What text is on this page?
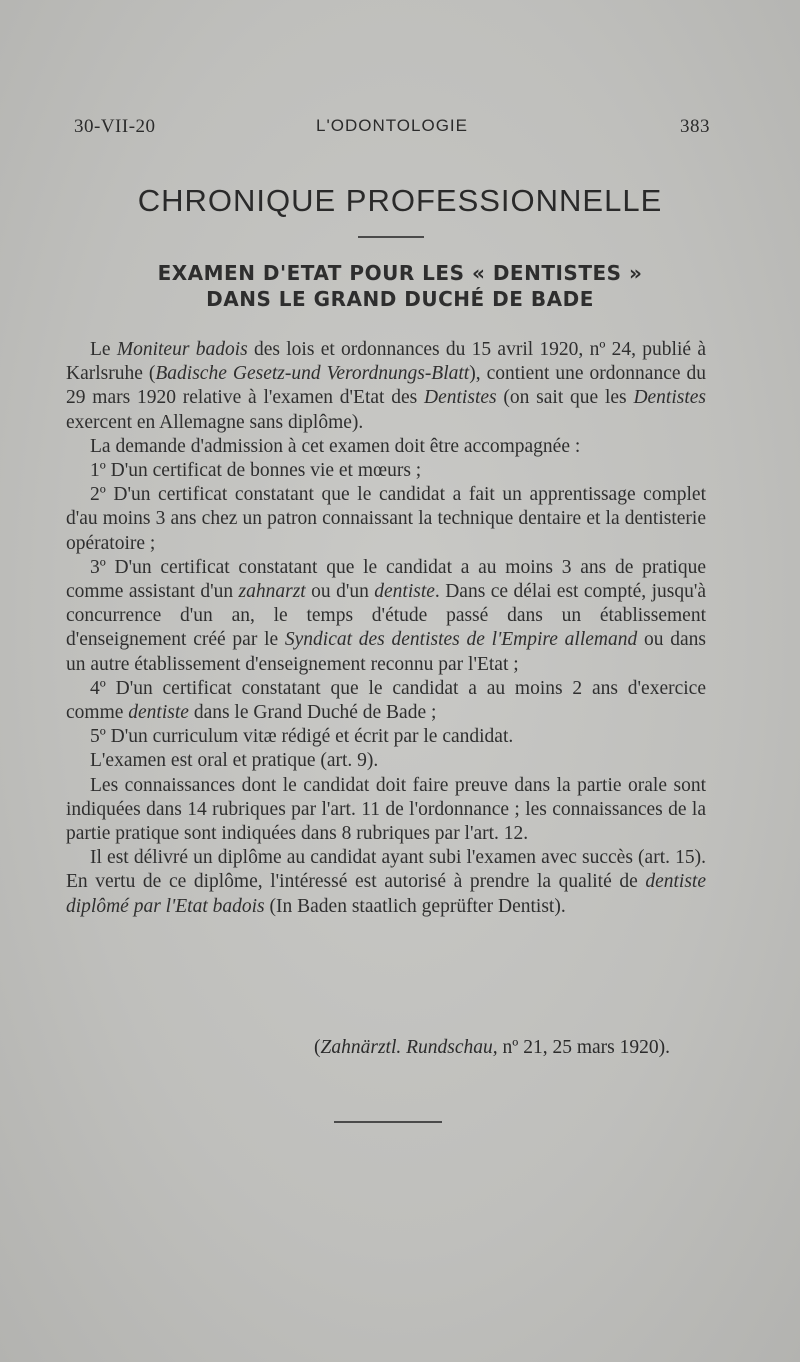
30-VII-20	L'ODONTOLOGIE	383
CHRONIQUE PROFESSIONNELLE
EXAMEN D'ETAT POUR LES « DENTISTES »
DANS LE GRAND DUCHÉ DE BADE

Le Moniteur badois des lois et ordonnances du 15 avril 1920, nº 24, publié à Karlsruhe (Badische Gesetz-und Verordnungs-Blatt), contient une ordonnance du 29 mars 1920 relative à l'examen d'Etat des Dentistes (on sait que les Dentistes exercent en Allemagne sans diplôme).

La demande d'admission à cet examen doit être accompagnée :

1º D'un certificat de bonnes vie et mœurs ;

2º D'un certificat constatant que le candidat a fait un apprentissage complet d'au moins 3 ans chez un patron connaissant la technique dentaire et la dentisterie opératoire ;

3º D'un certificat constatant que le candidat a au moins 3 ans de pratique comme assistant d'un zahnarzt ou d'un dentiste. Dans ce délai est compté, jusqu'à concurrence d'un an, le temps d'étude passé dans un établissement d'enseignement créé par le Syndicat des dentistes de l'Empire allemand ou dans un autre établissement d'enseignement reconnu par l'Etat ;

4º D'un certificat constatant que le candidat a au moins 2 ans d'exercice comme dentiste dans le Grand Duché de Bade ;

5º D'un curriculum vitæ rédigé et écrit par le candidat.

L'examen est oral et pratique (art. 9).

Les connaissances dont le candidat doit faire preuve dans la partie orale sont indiquées dans 14 rubriques par l'art. 11 de l'ordonnance ; les connaissances de la partie pratique sont indiquées dans 8 rubriques par l'art. 12.

Il est délivré un diplôme au candidat ayant subi l'examen avec succès (art. 15). En vertu de ce diplôme, l'intéressé est autorisé à prendre la qualité de dentiste diplômé par l'Etat badois (In Baden staatlich geprüfter Dentist).

(Zahnärztl. Rundschau, nº 21, 25 mars 1920).
